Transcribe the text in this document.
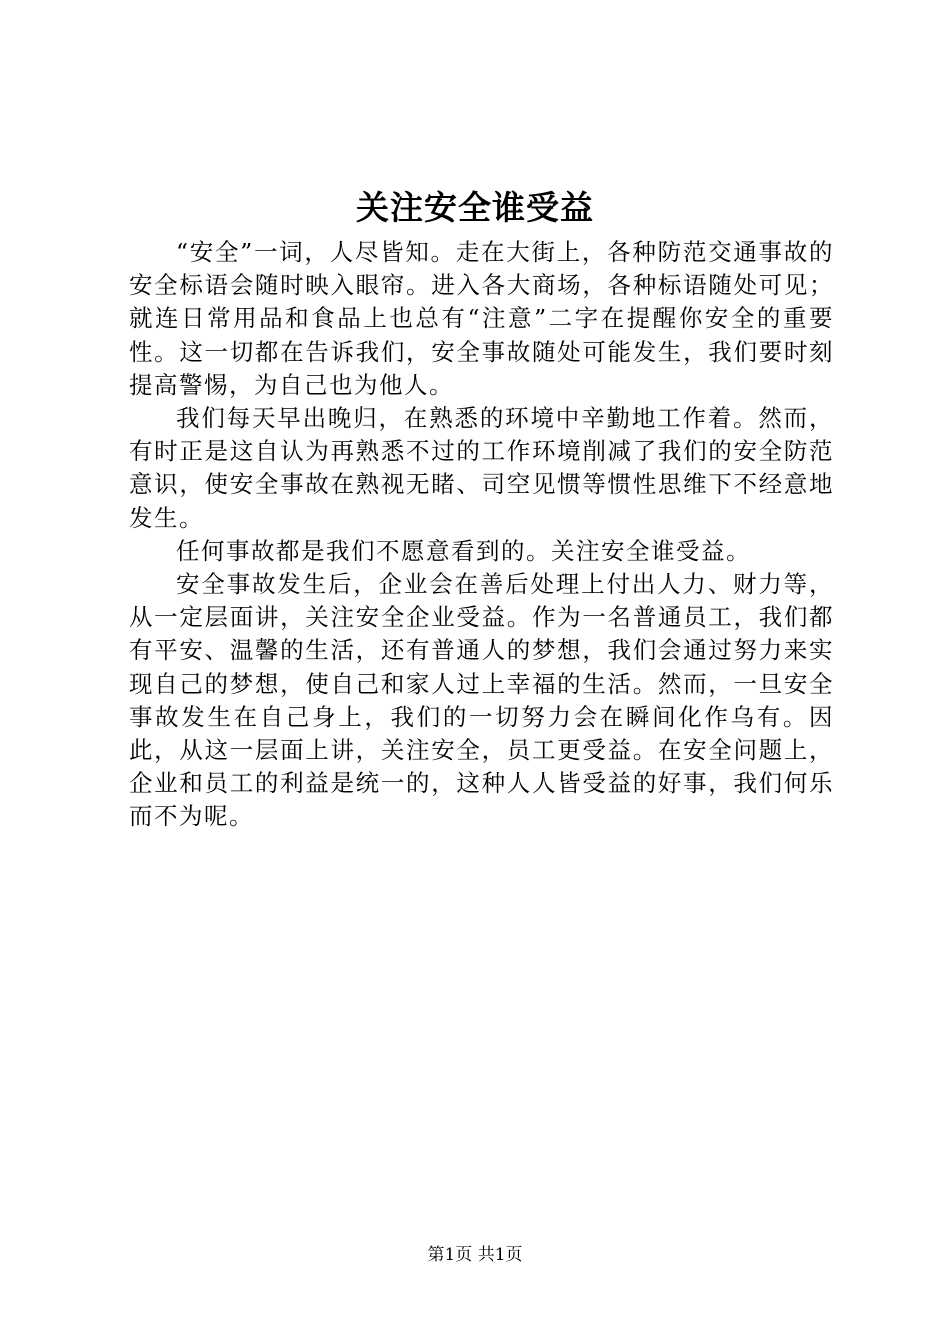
关注安全谁受益

“安全”一词，人尽皆知。走在大街上，各种防范交通事故的安全标语会随时映入眼帘。进入各大商场，各种标语随处可见；就连日常用品和食品上也总有“注意”二字在提醒你安全的重要性。这一切都在告诉我们，安全事故随处可能发生，我们要时刻提高警惕，为自己也为他人。

我们每天早出晚归，在熟悉的环境中辛勤地工作着。然而，有时正是这自认为再熟悉不过的工作环境削减了我们的安全防范意识，使安全事故在熟视无睹、司空见惯等惯性思维下不经意地发生。

任何事故都是我们不愿意看到的。关注安全谁受益。

安全事故发生后，企业会在善后处理上付出人力、财力等，从一定层面讲，关注安全企业受益。作为一名普通员工，我们都有平安、温馨的生活，还有普通人的梦想，我们会通过努力来实现自己的梦想，使自己和家人过上幸福的生活。然而，一旦安全事故发生在自己身上，我们的一切努力会在瞬间化作乌有。因此，从这一层面上讲，关注安全，员工更受益。在安全问题上，企业和员工的利益是统一的，这种人人皆受益的好事，我们何乐而不为呢。

第1页 共1页
